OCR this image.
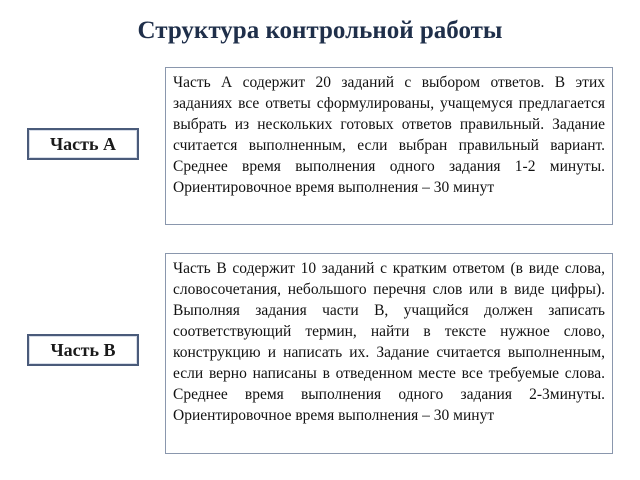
Структура контрольной работы
Часть А
Часть А содержит 20 заданий с выбором ответов. В этих заданиях все ответы сформулированы, учащемуся предлагается выбрать из нескольких готовых ответов правильный. Задание считается выполненным, если выбран правильный вариант. Среднее время выполнения одного задания 1-2 минуты. Ориентировочное время выполнения – 30 минут
Часть В
Часть В содержит 10 заданий с кратким ответом (в виде слова, словосочетания, небольшого перечня слов или в виде цифры). Выполняя задания части В, учащийся должен записать соответствующий термин, найти в тексте нужное слово, конструкцию и написать их. Задание считается выполненным, если верно написаны в отведенном месте все требуемые слова. Среднее время выполнения одного задания 2-3минуты. Ориентировочное время выполнения – 30 минут
